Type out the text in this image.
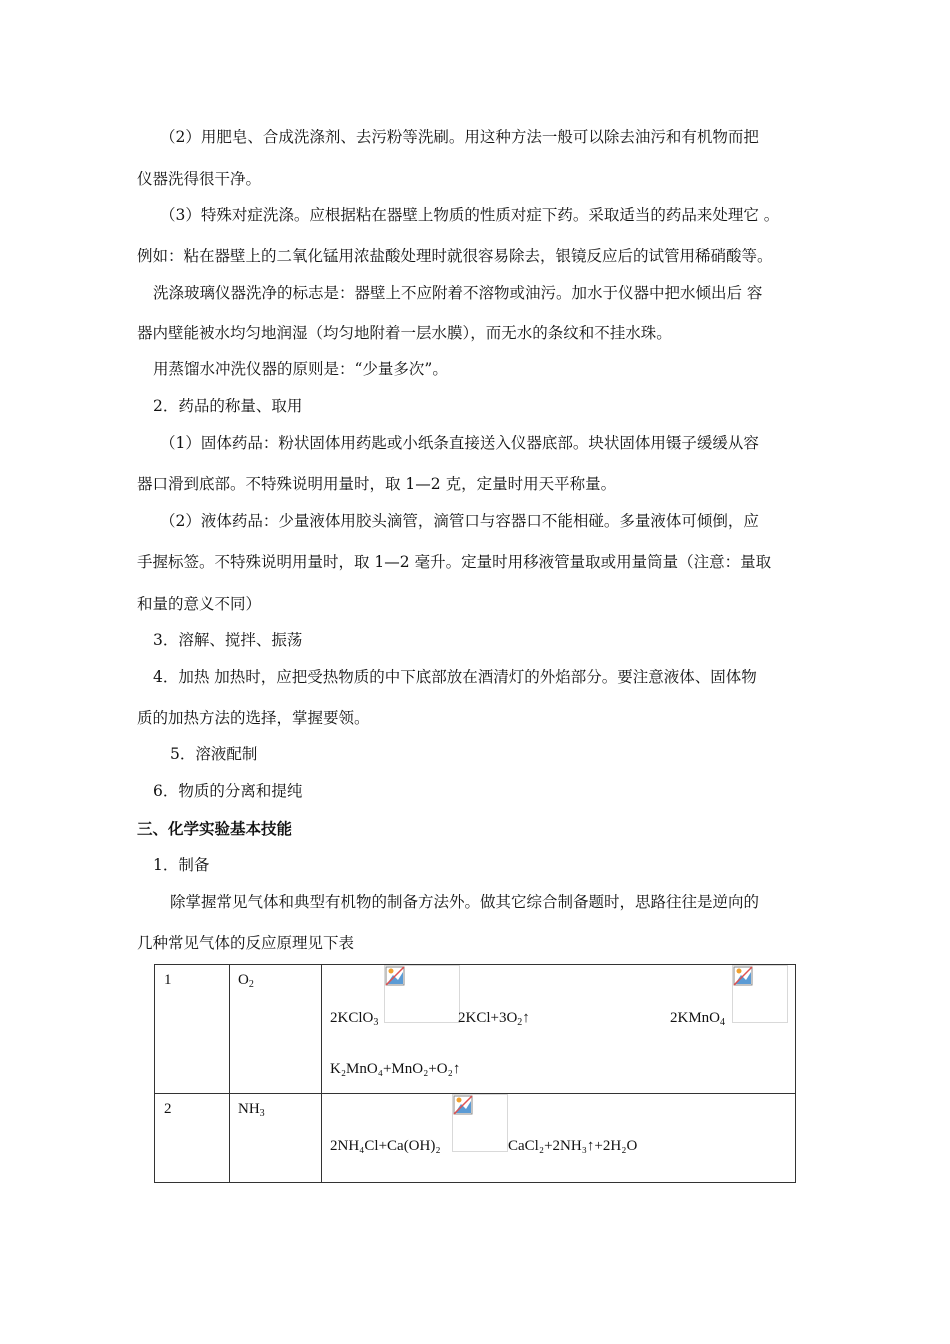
（2）用肥皂、合成洗涤剂、去污粉等洗刷。用这种方法一般可以除去油污和有机物而把
仪器洗得很干净。
（3）特殊对症洗涤。应根据粘在器壁上物质的性质对症下药。采取适当的药品来处理它 。
例如：粘在器壁上的二氧化锰用浓盐酸处理时就很容易除去，银镜反应后的试管用稀硝酸等。
洗涤玻璃仪器洗净的标志是：器壁上不应附着不溶物或油污。加水于仪器中把水倾出后 容
器内壁能被水均匀地润湿（均匀地附着一层水膜），而无水的条纹和不挂水珠。
用蒸馏水冲洗仪器的原则是：“少量多次”。
2．药品的称量、取用
（1）固体药品：粉状固体用药匙或小纸条直接送入仪器底部。块状固体用镊子缓缓从容
器口滑到底部。不特殊说明用量时，取 1—2 克，定量时用天平称量。
（2）液体药品：少量液体用胶头滴管，滴管口与容器口不能相碰。多量液体可倾倒，应
手握标签。不特殊说明用量时，取 1—2 毫升。定量时用移液管量取或用量筒量（注意：量取
和量的意义不同）
3．溶解、搅拌、振荡
4．加热 加热时，应把受热物质的中下底部放在酒清灯的外焰部分。要注意液体、固体物
质的加热方法的选择，掌握要领。
5．溶液配制
6．物质的分离和提纯
三、化学实验基本技能
1．制备
除掌握常见气体和典型有机物的制备方法外。做其它综合制备题时，思路往往是逆向的
几种常见气体的反应原理见下表
1	$O_2$	2KClO$_3$ $2KCl+3O_2↑$ 2KMnO$_4$
K₂MnO₄+MnO₂+O₂↑

2	$NH_3$	2NH₄Cl+Ca(OH)₂ CaCl₂+2NH₃↑+2H₂O
